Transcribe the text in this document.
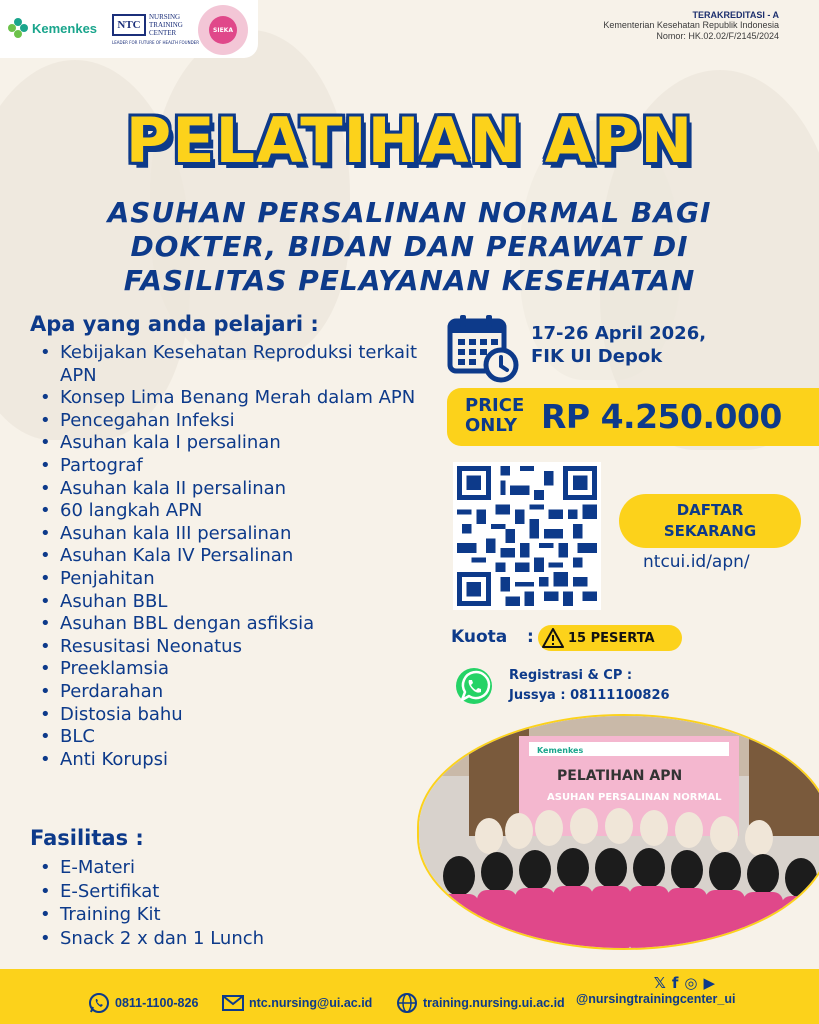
Kemenkes	NTC
NURSING TRAINING CENTER
LEADER FOR FUTURE OF HEALTH FOUNDER
SIEKA
TERAKREDITASI - A
Kementerian Kesehatan Republik Indonesia
Nomor: HK.02.02/F/2145/2024
PELATIHAN APN
ASUHAN PERSALINAN NORMAL BAGI
DOKTER, BIDAN DAN PERAWAT DI
FASILITAS PELAYANAN KESEHATAN
Apa yang anda pelajari :
• Kebijakan Kesehatan Reproduksi terkait APN
• Konsep Lima Benang Merah dalam APN
• Pencegahan Infeksi
• Asuhan kala I persalinan
• Partograf
• Asuhan kala II persalinan
• 60 langkah APN
• Asuhan kala III persalinan
• Asuhan Kala IV Persalinan
• Penjahitan
• Asuhan BBL
• Asuhan BBL dengan asfiksia
• Resusitasi Neonatus
• Preeklamsia
• Perdarahan
• Distosia bahu
• BLC
• Anti Korupsi
Fasilitas :
• E-Materi
• E-Sertifikat
• Training Kit
• Snack 2 x dan 1 Lunch
17-26 April 2026,
FIK UI Depok
PRICE
ONLY RP 4.250.000
DAFTAR
SEKARANG
ntcui.id/apn/
Kuota :	15 PESERTA
Registrasi & CP :
Jussya : 08111100826
Kemenkes
PELATIHAN APN
ASUHAN PERSALINAN NORMAL
𝕏 f ◎ ▶
0811-1100-826	ntc.nursing@ui.ac.id	training.nursing.ui.ac.id @nursingtrainingcenter_ui
